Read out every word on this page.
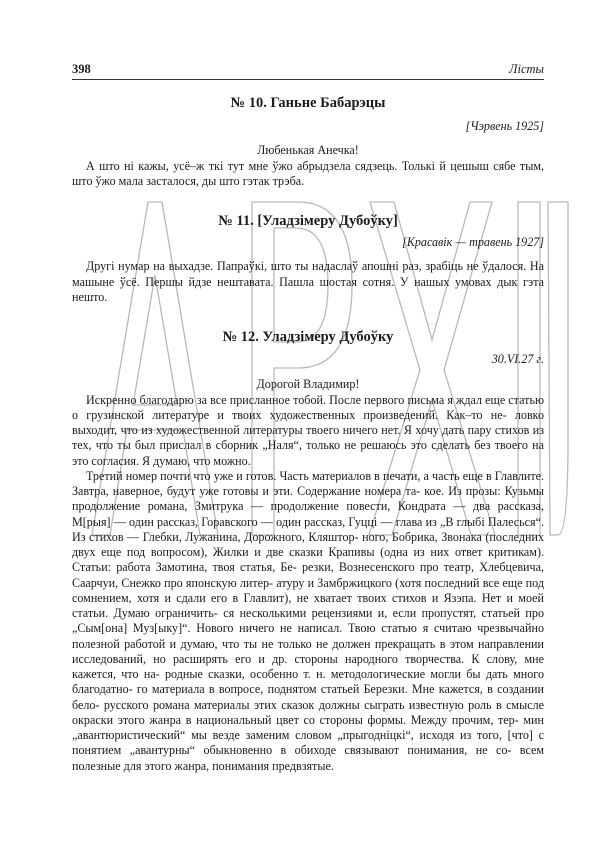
398	Лісты
№ 10. Ганьне Бабарэцы
[Чэрвень 1925]
Любенькая Анечка!

А што ні кажы, усё–ж ткі тут мне ўжо абрыдзела сядзець. Толькі й цешыш сябе тым, што ўжо мала засталося, ды што гэтак трэба.

№ 11. [Уладзімеру Дубоўку]
[Красавік — травень 1927]

Другі нумар на выхадзе. Папраўкі, што ты надаслаў апошні раз, зрабіць не ўдалося. На машыне ўсё. Першы йдзе нештавата. Пашла шостая сотня. У нашых умовах дык гэта нешто.

№ 12. Уладзімеру Дубоўку
30.VI.27 г.
Дорогой Владимир!

Искренно благодарю за все присланное тобой. После первого письма я ждал еще статью о грузинской литературе и твоих художественных произведений. Как–то не- ловко выходит, что из художественной литературы твоего ничего нет. Я хочу дать пару стихов из тех, что ты был прислал в сборник „Наля“, только не решаюсь это сделать без твоего на это согласия. Я думаю, что можно.

Третий номер почти что уже и готов. Часть материалов в печати, а часть еще в Главлите. Завтра, наверное, будут уже готовы и эти. Содержание номера та- кое. Из прозы: Кузьмы продолжение романа, Змитрука — продолжение повести, Кондрата — два рассказа, М[рыя] — один рассказ, Горавского — один рассказ, Гуцці — глава из „В глыбі Палесься“. Из стихов — Глебки, Лужанина, Дорожного, Кляштор- ного, Бобрика, Звонака (последних двух еще под вопросом), Жилки и две сказки Крапивы (одна из них ответ критикам). Статьи: работа Замотина, твоя статья, Бе- резки, Вознесенского про театр, Хлебцевича, Саарчуи, Снежко про японскую литер- атуру и Замбржицкого (хотя последний все еще под сомнением, хотя и сдали его в Главлит), не хватает твоих стихов и Язэпа. Нет и моей статьи. Думаю ограничить- ся несколькими рецензиями и, если пропустят, статьей про „Сым[она] Муз[ыку]“. Нового ничего не написал. Твою статью я считаю чрезвычайно полезной работой и думаю, что ты не только не должен прекращать в этом направлении исследований, но расширять его и др. стороны народного творчества. К слову, мне кажется, что на- родные сказки, особенно т. н. методологические могли бы дать много благодатно- го материала в вопросе, поднятом статьей Березки. Мне кажется, в создании бело- русского романа материалы этих сказок должны сыграть известную роль в смысле окраски этого жанра в национальный цвет со стороны формы. Между прочим, тер- мин „авантюристический“ мы везде заменим словом „прыгодніцкі“, исходя из того, [что] с понятием „авантурны“ обыкновенно в обиходе связывают понимания, не со- всем полезные для этого жанра, понимания предвзятые.
